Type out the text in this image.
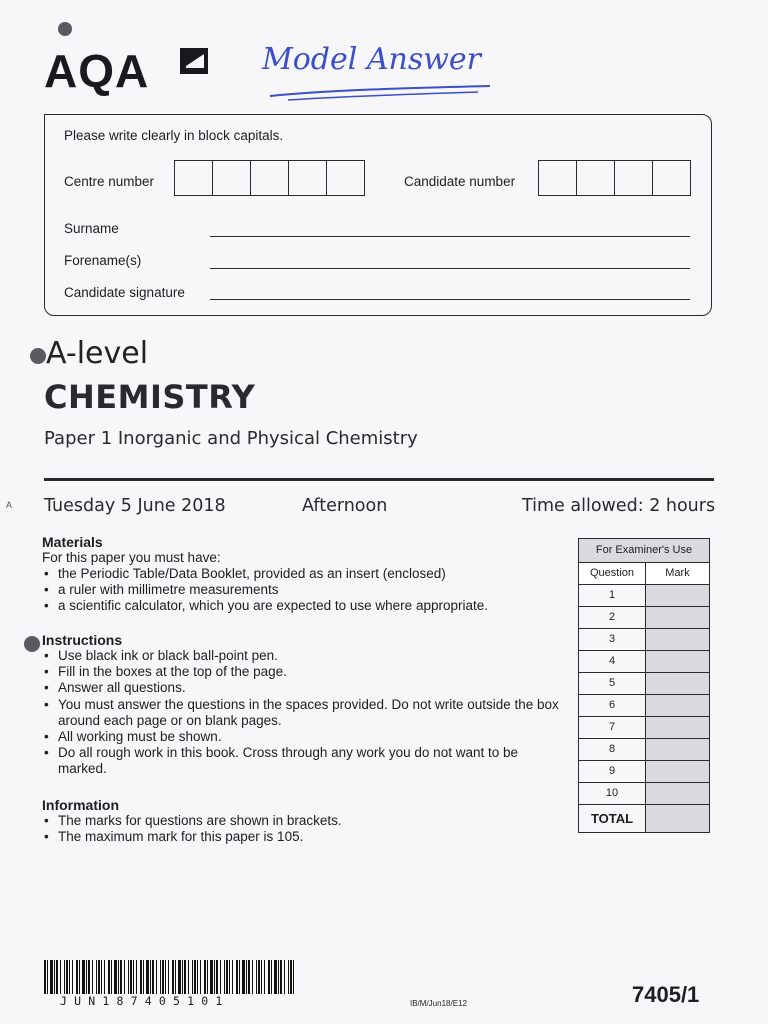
AQA	Model Answer
Please write clearly in block capitals.
Centre number	Candidate number
Surname
Forename(s)
Candidate signature
A-level
CHEMISTRY
Paper 1 Inorganic and Physical Chemistry
A Tuesday 5 June 2018	Afternoon	Time allowed: 2 hours
Materials
For this paper you must have:
• the Periodic Table/Data Booklet, provided as an insert (enclosed)
• a ruler with millimetre measurements
• a scientific calculator, which you are expected to use where appropriate.
Instructions
• Use black ink or black ball-point pen.
• Fill in the boxes at the top of the page.
• Answer all questions.
• You must answer the questions in the spaces provided. Do not write outside the box around each page or on blank pages.
• All working must be shown.
• Do all rough work in this book. Cross through any work you do not want to be marked.
Information
• The marks for questions are shown in brackets.
• The maximum mark for this paper is 105.
For Examiner's Use
Question	Mark
1
2
3
4
5
6
7
8
9
10
TOTAL
JUN187405101	IB/M/Jun18/E12	7405/1
